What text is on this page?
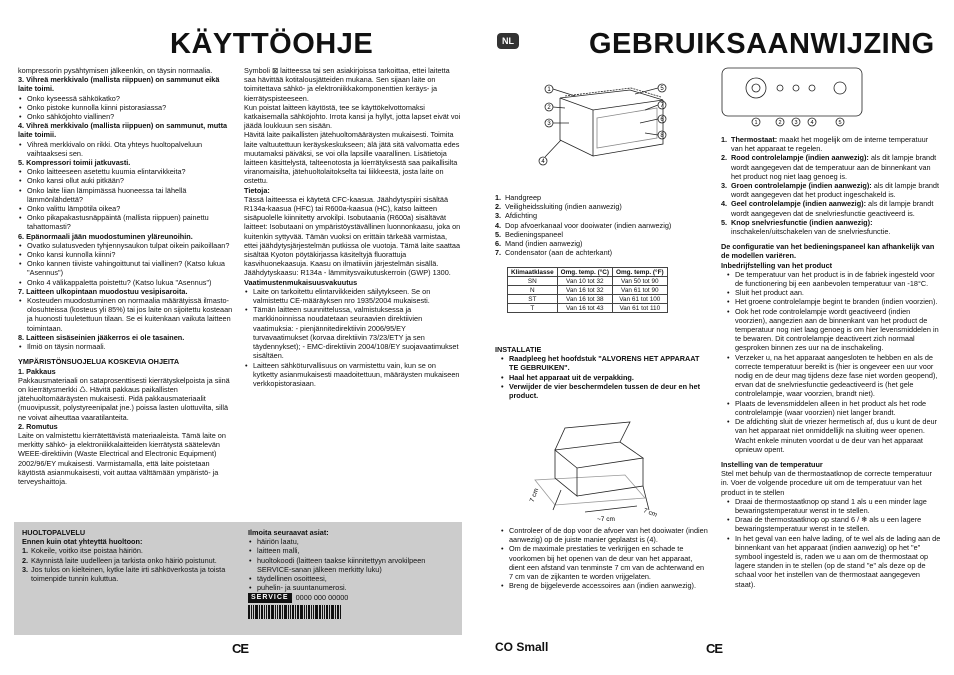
KÄYTTÖOHJE

kompressorin pysähtymisen jälkeenkin, on täysin normaalia.

3. Vihreä merkkivalo (mallista riippuen) on sammunut eikä laite toimi.

• Onko kyseessä sähkökatko?
• Onko pistoke kunnolla kiinni pistorasiassa?
• Onko sähköjohto viallinen?

4. Vihreä merkkivalo (mallista riippuen) on sammunut, mutta laite toimii.

• Vihreä merkkivalo on rikki. Ota yhteys huoltopalveluun vaihtaaksesi sen.

5. Kompressori toimii jatkuvasti.

• Onko laitteeseen asetettu kuumia elintarvikkeita?
• Onko kansi ollut auki pitkään?
• Onko laite liian lämpimässä huoneessa tai lähellä lämmönlähdettä?
• Onko valittu lämpötila oikea?
• Onko pikapakastusnäppäintä (mallista riippuen) painettu tahattomasti?

6. Epänormaali jään muodostuminen yläreunoihin.

• Ovatko sulatusveden tyhjennysaukon tulpat oikein paikoillaan?
• Onko kansi kunnolla kiinni?
• Onko kannen tiiviste vahingoittunut tai viallinen? (Katso lukua "Asennus")
• Onko 4 välikappaletta poistettu? (Katso lukua "Asennus")

7. Laitteen ulkopintaan muodostuu vesipisaroita.

• Kosteuden muodostuminen on normaalia määrätyissä ilmasto-olosuhteissa (kosteus yli 85%) tai jos laite on sijoitettu kosteaan ja huonosti tuuletettuun tilaan. Se ei kuitenkaan vaikuta laitteen toimintaan.

8. Laitteen sisäseinien jääkerros ei ole tasainen.

• Ilmiö on täysin normaali.

YMPÄRISTÖNSUOJELUA KOSKEVIA OHJEITA

1. Pakkaus

Pakkausmateriaali on sataprosenttisesti kierrätyskelpoista ja siinä on kierrätysmerkki ♺. Hävitä pakkaus paikallisten jätehuoltomääräysten mukaisesti. Pidä pakkausmateriaalit (muovipussit, polystyreenipalat jne.) poissa lasten ulottuvilta, sillä ne voivat aiheuttaa vaaratilanteita.

2. Romutus

Laite on valmistettu kierrätettävistä materiaaleista. Tämä laite on merkitty sähkö- ja elektroniikkalaitteiden kierrätystä säätelevän WEEE-direktiivin (Waste Electrical and Electronic Equipment) 2002/96/EY mukaisesti. Varmistamalla, että laite poistetaan käytöstä asianmukaisesti, voit auttaa välttämään ympäristö- ja terveyshaittoja.

Symboli ⊠ laitteessa tai sen asiakirjoissa tarkoittaa, ettei laitetta saa hävittää kotitalousjätteiden mukana. Sen sijaan laite on toimitettava sähkö- ja elektroniikkakomponenttien keräys- ja kierrätyspisteeseen.

Kun poistat laitteen käytöstä, tee se käyttökelvottomaksi katkaisemalla sähköjohto. Irrota kansi ja hyllyt, jotta lapset eivät voi jäädä loukkuun sen sisään.

Hävitä laite paikallisten jätehuoltomääräysten mukaisesti. Toimita laite valtuutettuun keräyskeskukseen; älä jätä sitä valvomatta edes muutamaksi päiväksi, se voi olla lapsille vaarallinen. Lisätietoja laitteen käsittelystä, talteenotosta ja kierrätyksestä saa paikallisilta viranomaisilta, jätehuoltolaitokselta tai liikkeestä, josta laite on ostettu.

Tietoja:

Tässä laitteessa ei käytetä CFC-kaasua. Jäähdytyspiiri sisältää R134a-kaasua (HFC) tai R600a-kaasua (HC), katso laitteen sisäpuolelle kiinnitetty arvokilpi. Isobutaania (R600a) sisältävät laitteet: Isobutaani on ympäristöystävällinen luonnonkaasu, joka on kuitenkin syttyvää. Tämän vuoksi on erittäin tärkeää varmistaa, ettei jäähdytysjärjestelmän putkissa ole vuotoja. Tämä laite saattaa sisältää Kyoton pöytäkirjassa käsiteltyjä fluorattuja kasvihuonekaasuja. Kaasu on ilmatiiviin järjestelmän sisällä. Jäähdytyskaasu: R134a - lämmitysvaikutuskerroin (GWP) 1300.

Vaatimustenmukaisuusvakuutus

• Laite on tarkoitettu elintarvikkeiden säilytykseen. Se on valmistettu CE-määräyksen nro 1935/2004 mukaisesti.
• Tämän laitteen suunnittelussa, valmistuksessa ja markkinoinnissa noudatetaan seuraavien direktiivien vaatimuksia: - pienjännitedirektiivin 2006/95/EY turvavaatimukset (korvaa direktiivin 73/23/ETY ja sen täydennykset); - EMC-direktiivin 2004/108/EY suojavaatimukset sisältäen.
• Laitteen sähköturvallisuus on varmistettu vain, kun se on kytketty asianmukaisesti maadoitettuun, määräysten mukaiseen verkkopistorasiaan.

HUOLTOPALVELU

Ennen kuin otat yhteyttä huoltoon:

1. Kokeile, voitko itse poistaa häiriön.
2. Käynnistä laite uudelleen ja tarkista onko häiriö poistunut.
3. Jos tulos on kielteinen, kytke laite irti sähköverkosta ja toista toimenpide tunnin kuluttua.

Ilmoita seuraavat asiat:

• häiriön laatu,
• laitteen malli,
• huoltokoodi (laitteen taakse kiinnitettyyn arvokilpeen SERVICE-sanan jälkeen merkitty luku)
• täydellinen osoitteesi,
• puhelin- ja suuntanumerosi.
SERVICE 0000 000 00000
CE
NL	GEBRUIKSAANWIJZING
1
2
3
4
5
7
6
8
1. Handgreep
2. Veiligheidssluiting (indien aanwezig)
3. Afdichting
4. Dop afvoerkanaal voor dooiwater (indien aanwezig)
5. Bedieningspaneel
6. Mand (indien aanwezig)
7. Condensator (aan de achterkant)
Klimaatklasse	Omg. temp. (°C)	Omg. temp. (°F)
SN	Van 10 tot 32	Van 50 tot 90
N	Van 16 tot 32	Van 61 tot 90
ST	Van 16 tot 38	Van 61 tot 100
T	Van 16 tot 43	Van 61 tot 110

INSTALLATIE

• Raadpleeg het hoofdstuk "ALVORENS HET APPARAAT TE GEBRUIKEN".
• Haal het apparaat uit de verpakking.
• Verwijder de vier beschermdelen tussen de deur en het product.
7 cm
~7 cm
7 cm
• Controleer of de dop voor de afvoer van het dooiwater (indien aanwezig) op de juiste manier geplaatst is (4).
• Om de maximale prestaties te verkrijgen en schade te voorkomen bij het openen van de deur van het apparaat, dient een afstand van tenminste 7 cm van de achterwand en 7 cm van de zijkanten te worden vrijgelaten.
• Breng de bijgeleverde accessoires aan (indien aanwezig).
CO Small
1	2 3 4	5
1. Thermostaat: maakt het mogelijk om de interne temperatuur van het apparaat te regelen.
2. Rood controlelampje (indien aanwezig): als dit lampje brandt wordt aangegeven dat de temperatuur aan de binnenkant van het product nog niet laag genoeg is.
3. Groen controlelampje (indien aanwezig): als dit lampje brandt wordt aangegeven dat het product ingeschakeld is.
4. Geel controlelampje (indien aanwezig): als dit lampje brandt wordt aangegeven dat de snelvriesfunctie geactiveerd is.
5. Knop snelvriesfunctie (indien aanwezig): inschakelen/uitschakelen van de snelvriesfunctie.

De configuratie van het bedieningspaneel kan afhankelijk van de modellen variëren.

Inbedrijfstelling van het product

• De temperatuur van het product is in de fabriek ingesteld voor de functionering bij een aanbevolen temperatuur van -18°C.
• Sluit het product aan.
• Het groene controlelampje begint te branden (indien voorzien).
• Ook het rode controlelampje wordt geactiveerd (indien voorzien), aangezien aan de binnenkant van het product de temperatuur nog niet laag genoeg is om hier levensmiddelen in te bewaren. Dit controlelampje deactiveert zich normaal gesproken binnen zes uur na de inschakeling.
• Verzeker u, na het apparaat aangesloten te hebben en als de correcte temperatuur bereikt is (hier is ongeveer een uur voor nodig en de deur mag tijdens deze fase niet worden geopend), ervan dat de snelvriesfunctie gedeactiveerd is (het gele controlelampje, waar voorzien, brandt niet).
• Plaats de levensmiddelen alleen in het product als het rode controlelampje (waar voorzien) niet langer brandt.
• De afdichting sluit de vriezer hermetisch af, dus u kunt de deur van het apparaat niet onmiddellijk na sluiting weer openen. Wacht enkele minuten voordat u de deur van het apparaat opnieuw opent.

Instelling van de temperatuur

Stel met behulp van de thermostaatknop de correcte temperatuur in. Voer de volgende procedure uit om de temperatuur van het product in te stellen

• Draai de thermostaatknop op stand 1 als u een minder lage bewaringstemperatuur wenst in te stellen.
• Draai de thermostaatknop op stand 6 / ❄ als u een lagere bewaringstemperatuur wenst in te stellen.
• In het geval van een halve lading, of te wel als de lading aan de binnenkant van het apparaat (indien aanwezig) op het "e" symbool ingesteld is, raden we u aan om de thermostaat op lagere standen in te stellen (op de stand "e" als deze op de schaal voor het instellen van de thermostaat aangegeven staat).
CE
